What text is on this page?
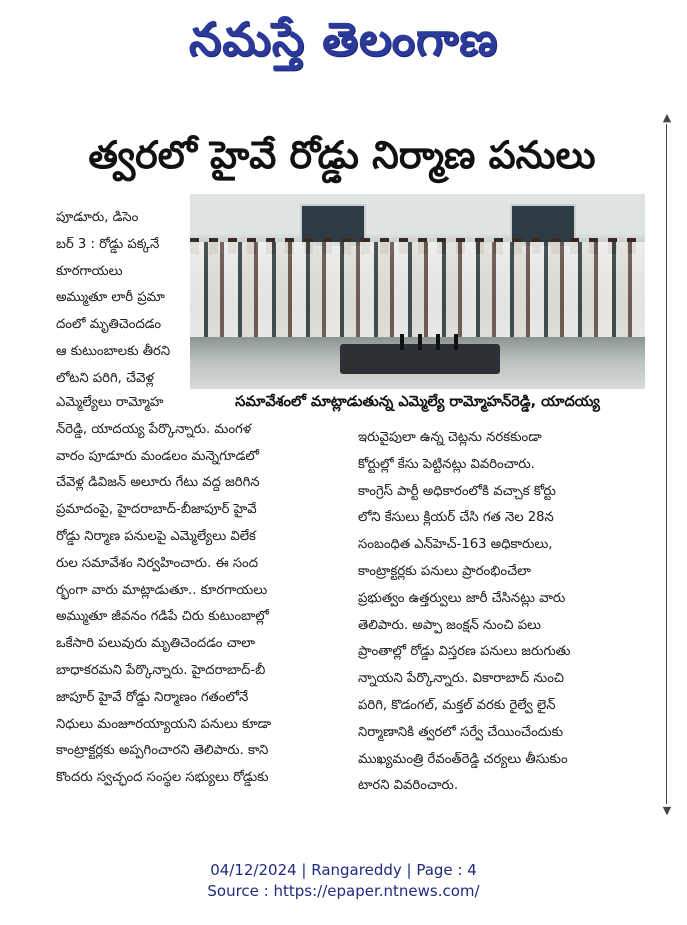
నమస్తే తెలంగాణ
త్వరలో హైవే రోడ్డు నిర్మాణ పనులు
▲
▼
సమావేశంలో మాట్లాడుతున్న ఎమ్మెల్యే రామ్మోహన్‌రెడ్డి, యాదయ్య
పూడూరు, డిసెం
బర్ 3 : రోడ్డు పక్కనే
కూరగాయలు
అమ్ముతూ లారీ ప్రమా
దంలో మృతిచెందడం
ఆ కుటుంబాలకు తీరని
లోటని పరిగి, చేవెళ్ల
ఎమ్మెల్యేలు రామ్మోహ
న్‌రెడ్డి, యాదయ్య పేర్కొన్నారు. మంగళ
వారం పూడూరు మండలం మన్నెగూడలో
చేవెళ్ల డివిజన్ అలూరు గేటు వద్ద జరిగిన
ప్రమాదంపై, హైదరాబాద్-బీజాపూర్ హైవే
రోడ్డు నిర్మాణ పనులపై ఎమ్మెల్యేలు విలేక
రుల సమావేశం నిర్వహించారు. ఈ సంద
ర్భంగా వారు మాట్లాడుతూ.. కూరగాయలు
అమ్ముతూ జీవనం గడిపే చిరు కుటుంబాల్లో
ఒకేసారి పలువురు మృతిచెందడం చాలా
బాధాకరమని పేర్కొన్నారు. హైదరాబాద్-బీ
జాపూర్ హైవే రోడ్డు నిర్మాణం గతంలోనే
నిధులు మంజూరయ్యాయని పనులు కూడా
కాంట్రాక్టర్లకు అప్పగించారని తెలిపారు. కాని
కొందరు స్వచ్ఛంద సంస్థల సభ్యులు రోడ్డుకు
ఇరువైపులా ఉన్న చెట్లను నరకకుండా
కోర్టుల్లో కేసు పెట్టినట్లు వివరించారు.
కాంగ్రెస్ పార్టీ అధికారంలోకి వచ్చాక కోర్టు
లోని కేసులు క్లియర్ చేసి గత నెల 28న
సంబంధిత ఎన్‌హెచ్-163 అధికారులు,
కాంట్రాక్టర్లకు పనులు ప్రారంభించేలా
ప్రభుత్వం ఉత్తర్వులు జారీ చేసినట్లు వారు
తెలిపారు. అప్పా జంక్షన్ నుంచి పలు
ప్రాంతాల్లో రోడ్డు విస్తరణ పనులు జరుగుతు
న్నాయని పేర్కొన్నారు. వికారాబాద్ నుంచి
పరిగి, కొడంగల్, మక్తల్ వరకు రైల్వే లైన్
నిర్మాణానికి త్వరలో సర్వే చేయించేందుకు
ముఖ్యమంత్రి రేవంత్‌రెడ్డి చర్యలు తీసుకుం
టారని వివరించారు.
04/12/2024 | Rangareddy | Page : 4
Source : https://epaper.ntnews.com/
